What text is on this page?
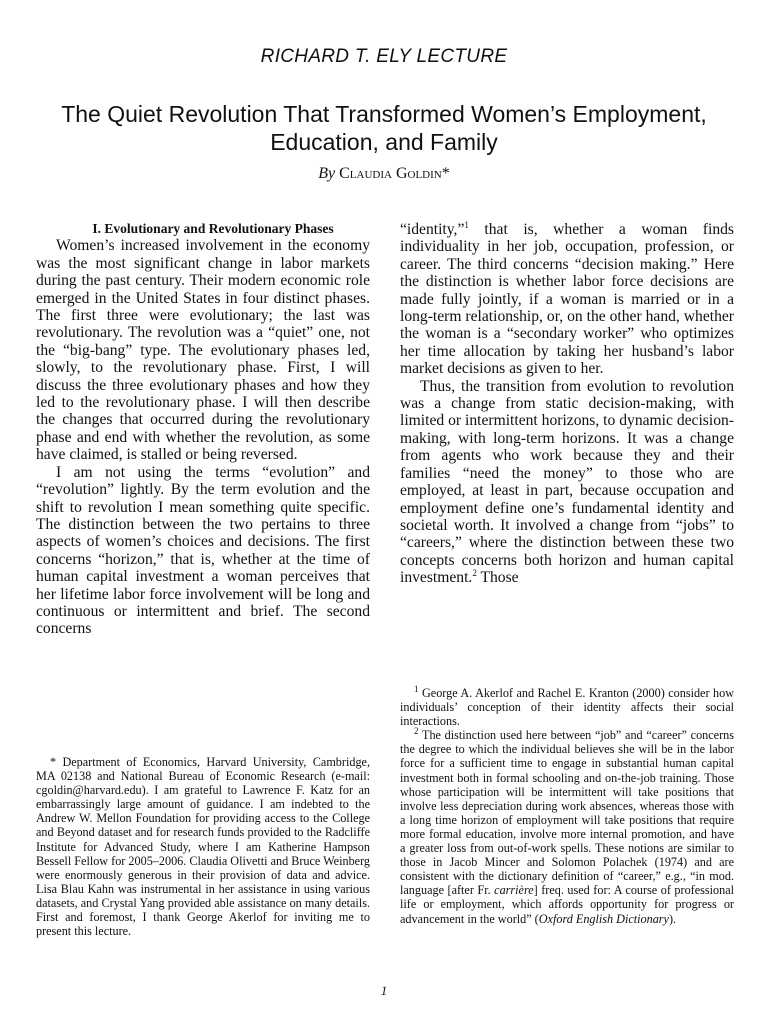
RICHARD T. ELY LECTURE
The Quiet Revolution That Transformed Women’s Employment, Education, and Family
By Claudia Goldin*

I. Evolutionary and Revolutionary Phases

Women’s increased involvement in the economy was the most significant change in labor markets during the past century. Their modern economic role emerged in the United States in four distinct phases. The first three were evolutionary; the last was revolutionary. The revolution was a “quiet” one, not the “big-bang” type. The evolutionary phases led, slowly, to the revolutionary phase. First, I will discuss the three evolutionary phases and how they led to the revolutionary phase. I will then describe the changes that occurred during the revolutionary phase and end with whether the revolution, as some have claimed, is stalled or being reversed.

I am not using the terms “evolution” and “revolution” lightly. By the term evolution and the shift to revolution I mean something quite specific. The distinction between the two pertains to three aspects of women’s choices and decisions. The first concerns “horizon,” that is, whether at the time of human capital investment a woman perceives that her lifetime labor force involvement will be long and continuous or intermittent and brief. The second concerns

“identity,”$^1$ that is, whether a woman finds individuality in her job, occupation, profession, or career. The third concerns “decision making.” Here the distinction is whether labor force decisions are made fully jointly, if a woman is married or in a long-term relationship, or, on the other hand, whether the woman is a “secondary worker” who optimizes her time allocation by taking her husband’s labor market decisions as given to her.

Thus, the transition from evolution to revolution was a change from static decision-making, with limited or intermittent horizons, to dynamic decision-making, with long-term horizons. It was a change from agents who work because they and their families “need the money” to those who are employed, at least in part, because occupation and employment define one’s fundamental identity and societal worth. It involved a change from “jobs” to “careers,” where the distinction between these two concepts concerns both horizon and human capital investment.$^2$ Those

* Department of Economics, Harvard University, Cambridge, MA 02138 and National Bureau of Economic Research (e-mail: cgoldin@harvard.edu). I am grateful to Lawrence F. Katz for an embarrassingly large amount of guidance. I am indebted to the Andrew W. Mellon Foundation for providing access to the College and Beyond dataset and for research funds provided to the Radcliffe Institute for Advanced Study, where I am Katherine Hampson Bessell Fellow for 2005–2006. Claudia Olivetti and Bruce Weinberg were enormously generous in their provision of data and advice. Lisa Blau Kahn was instrumental in her assistance in using various datasets, and Crystal Yang provided able assistance on many details. First and foremost, I thank George Akerlof for inviting me to present this lecture.

$^1$ George A. Akerlof and Rachel E. Kranton (2000) consider how individuals’ conception of their identity affects their social interactions.

$^2$ The distinction used here between “job” and “career” concerns the degree to which the individual believes she will be in the labor force for a sufficient time to engage in substantial human capital investment both in formal schooling and on-the-job training. Those whose participation will be intermittent will take positions that involve less depreciation during work absences, whereas those with a long time horizon of employment will take positions that require more formal education, involve more internal promotion, and have a greater loss from out-of-work spells. These notions are similar to those in Jacob Mincer and Solomon Polachek (1974) and are consistent with the dictionary definition of “career,” e.g., “in mod. language [after Fr. carrière] freq. used for: A course of professional life or employment, which affords opportunity for progress or advancement in the world” (Oxford English Dictionary).

1
